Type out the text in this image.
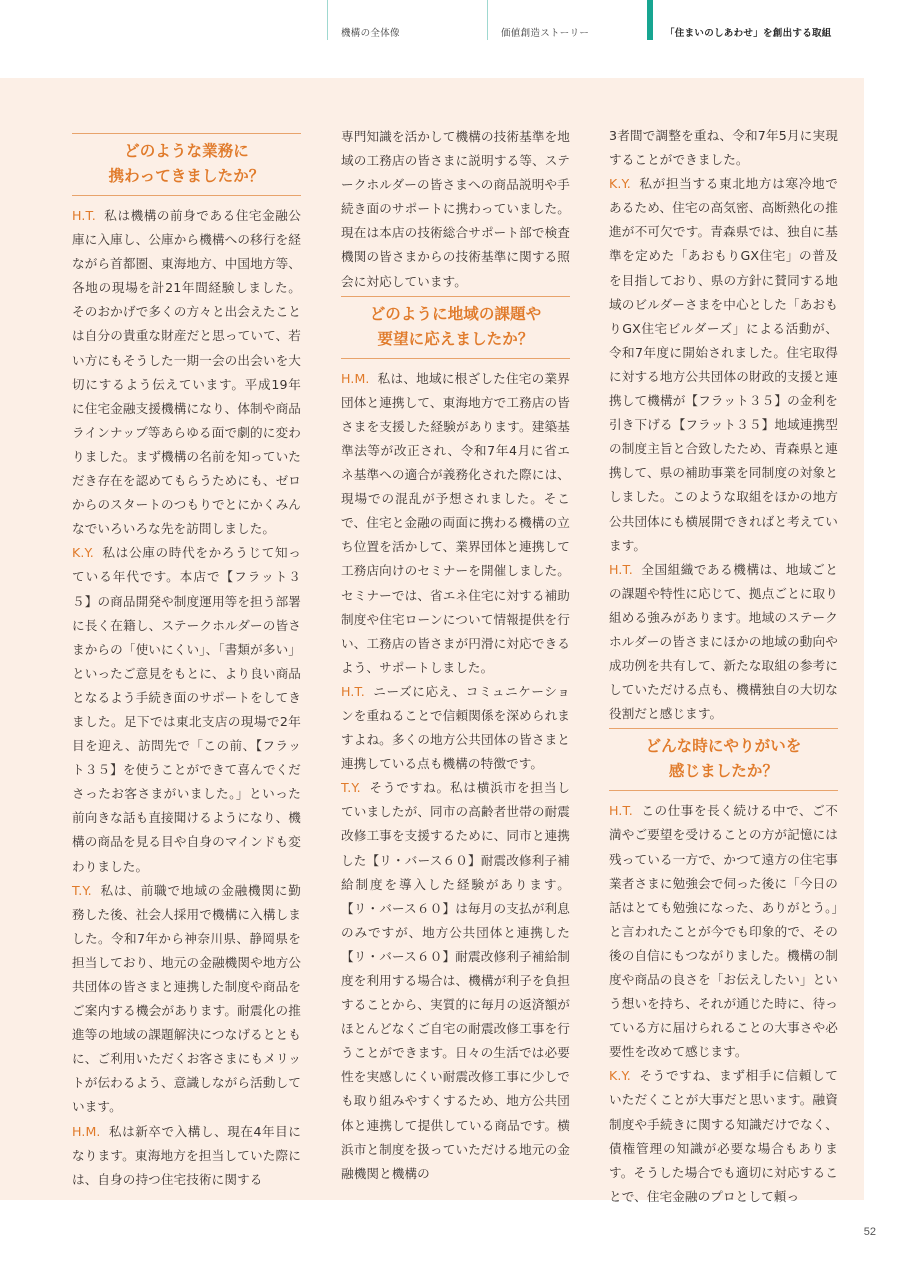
機構の全体像	価値創造ストーリー	「住まいのしあわせ」を創出する取組
どのような業務に
携わってきましたか？

H.T. 私は機構の前身である住宅金融公庫に入庫し、公庫から機構への移行を経ながら首都圏、東海地方、中国地方等、各地の現場を計21年間経験しました。そのおかげで多くの方々と出会えたことは自分の貴重な財産だと思っていて、若い方にもそうした一期一会の出会いを大切にするよう伝えています。平成19年に住宅金融支援機構になり、体制や商品ラインナップ等あらゆる面で劇的に変わりました。まず機構の名前を知っていただき存在を認めてもらうためにも、ゼロからのスタートのつもりでとにかくみんなでいろいろな先を訪問しました。

K.Y. 私は公庫の時代をかろうじて知っている年代です。本店で【フラット３５】の商品開発や制度運用等を担う部署に長く在籍し、ステークホルダーの皆さまからの「使いにくい」、「書類が多い」といったご意見をもとに、より良い商品となるよう手続き面のサポートをしてきました。足下では東北支店の現場で2年目を迎え、訪問先で「この前、【フラット３５】を使うことができて喜んでくださったお客さまがいました。」といった前向きな話も直接聞けるようになり、機構の商品を見る目や自身のマインドも変わりました。

T.Y. 私は、前職で地域の金融機関に勤務した後、社会人採用で機構に入構しました。令和7年から神奈川県、静岡県を担当しており、地元の金融機関や地方公共団体の皆さまと連携した制度や商品をご案内する機会があります。耐震化の推進等の地域の課題解決につなげるとともに、ご利用いただくお客さまにもメリットが伝わるよう、意識しながら活動しています。

H.M. 私は新卒で入構し、現在4年目になります。東海地方を担当していた際には、自身の持つ住宅技術に関する

専門知識を活かして機構の技術基準を地域の工務店の皆さまに説明する等、ステークホルダーの皆さまへの商品説明や手続き面のサポートに携わっていました。現在は本店の技術総合サポート部で検査機関の皆さまからの技術基準に関する照会に対応しています。

どのように地域の課題や
要望に応えましたか？

H.M. 私は、地域に根ざした住宅の業界団体と連携して、東海地方で工務店の皆さまを支援した経験があります。建築基準法等が改正され、令和7年4月に省エネ基準への適合が義務化された際には、現場での混乱が予想されました。そこで、住宅と金融の両面に携わる機構の立ち位置を活かして、業界団体と連携して工務店向けのセミナーを開催しました。セミナーでは、省エネ住宅に対する補助制度や住宅ローンについて情報提供を行い、工務店の皆さまが円滑に対応できるよう、サポートしました。

H.T. ニーズに応え、コミュニケーションを重ねることで信頼関係を深められますよね。多くの地方公共団体の皆さまと連携している点も機構の特徴です。

T.Y. そうですね。私は横浜市を担当していましたが、同市の高齢者世帯の耐震改修工事を支援するために、同市と連携した【リ・バース６０】耐震改修利子補給制度を導入した経験があります。【リ・バース６０】は毎月の支払が利息のみですが、地方公共団体と連携した【リ・バース６０】耐震改修利子補給制度を利用する場合は、機構が利子を負担することから、実質的に毎月の返済額がほとんどなくご自宅の耐震改修工事を行うことができます。日々の生活では必要性を実感しにくい耐震改修工事に少しでも取り組みやすくするため、地方公共団体と連携して提供している商品です。横浜市と制度を扱っていただける地元の金融機関と機構の

3者間で調整を重ね、令和7年5月に実現することができました。

K.Y. 私が担当する東北地方は寒冷地であるため、住宅の高気密、高断熱化の推進が不可欠です。青森県では、独自に基準を定めた「あおもりGX住宅」の普及を目指しており、県の方針に賛同する地域のビルダーさまを中心とした「あおもりGX住宅ビルダーズ」による活動が、令和7年度に開始されました。住宅取得に対する地方公共団体の財政的支援と連携して機構が【フラット３５】の金利を引き下げる【フラット３５】地域連携型の制度主旨と合致したため、青森県と連携して、県の補助事業を同制度の対象としました。このような取組をほかの地方公共団体にも横展開できればと考えています。

H.T. 全国組織である機構は、地域ごとの課題や特性に応じて、拠点ごとに取り組める強みがあります。地域のステークホルダーの皆さまにほかの地域の動向や成功例を共有して、新たな取組の参考にしていただける点も、機構独自の大切な役割だと感じます。

どんな時にやりがいを
感じましたか？

H.T. この仕事を長く続ける中で、ご不満やご要望を受けることの方が記憶には残っている一方で、かつて遠方の住宅事業者さまに勉強会で伺った後に「今日の話はとても勉強になった、ありがとう。」と言われたことが今でも印象的で、その後の自信にもつながりました。機構の制度や商品の良さを「お伝えしたい」という想いを持ち、それが通じた時に、待っている方に届けられることの大事さや必要性を改めて感じます。

K.Y. そうですね、まず相手に信頼していただくことが大事だと思います。融資制度や手続きに関する知識だけでなく、債権管理の知識が必要な場合もあります。そうした場合でも適切に対応することで、住宅金融のプロとして頼っ

52
